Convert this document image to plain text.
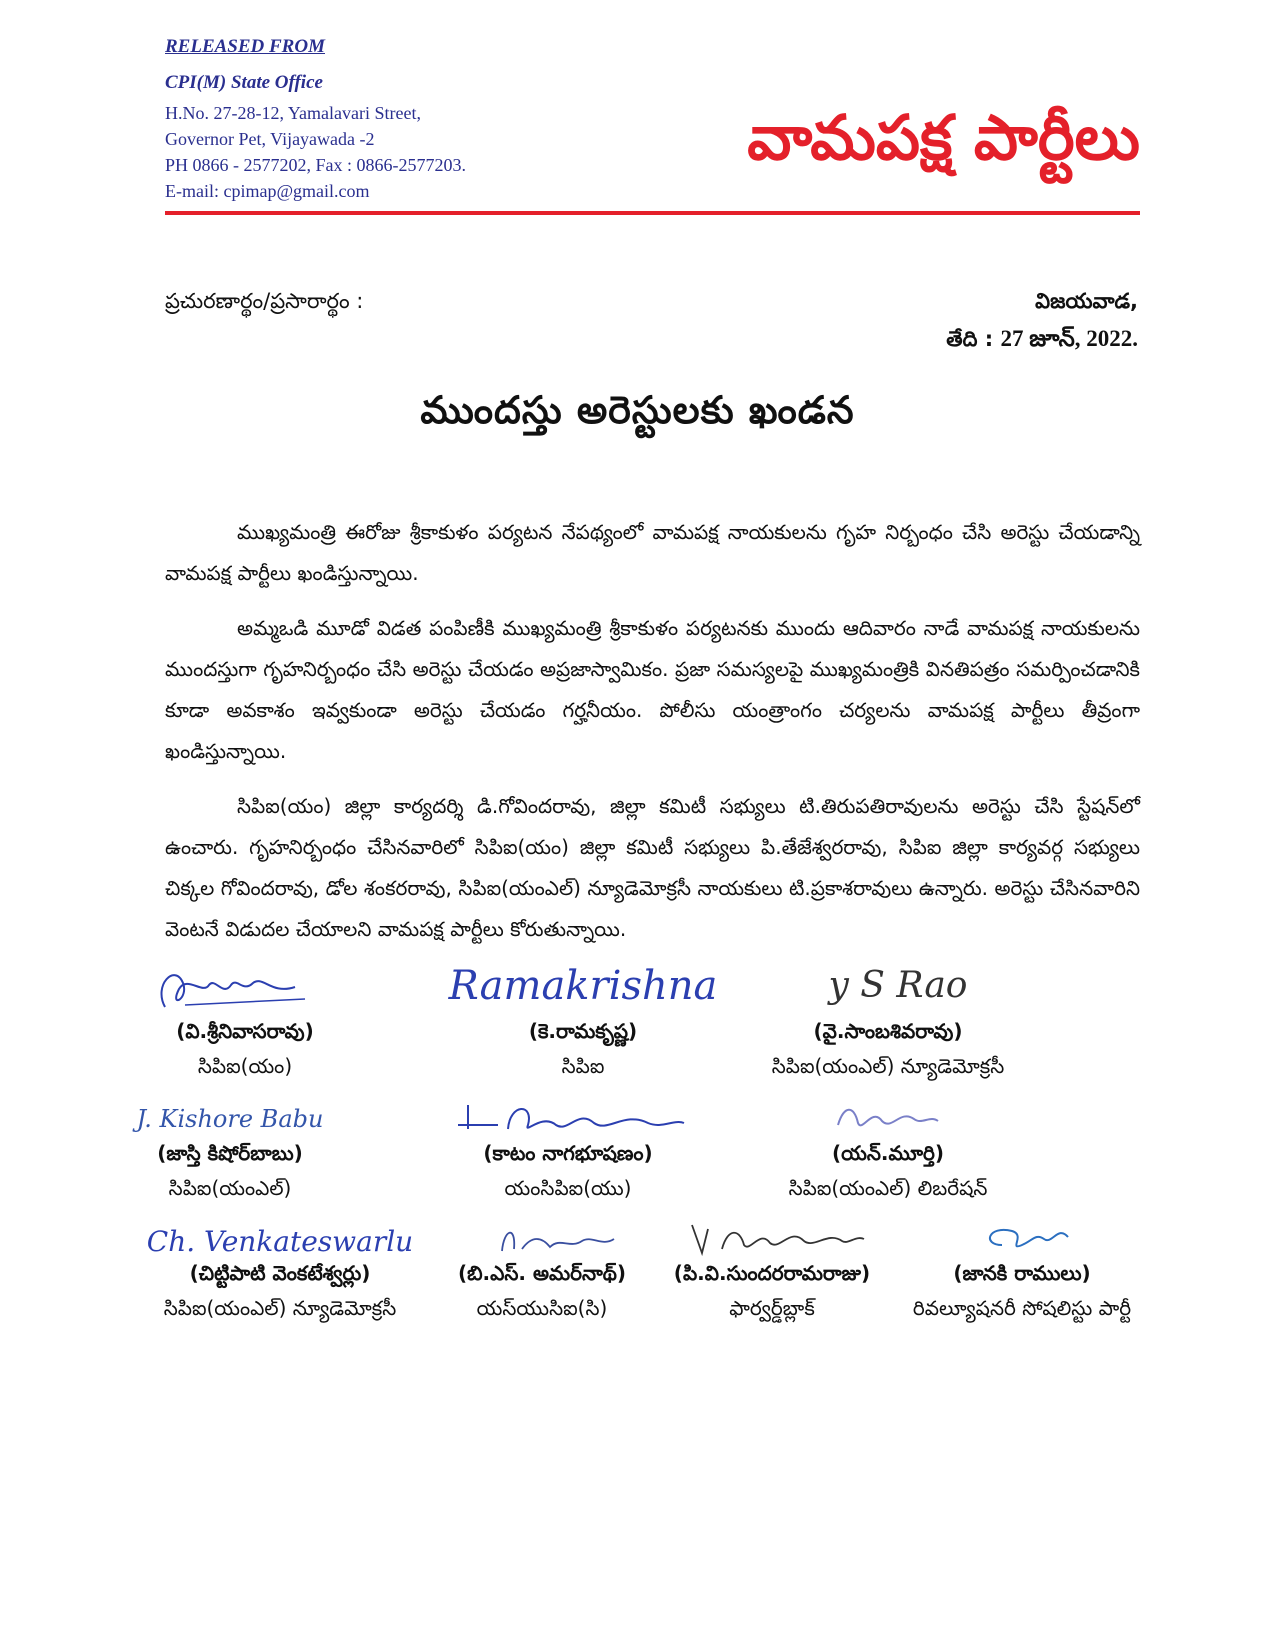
RELEASED FROM
CPI(M) State Office
H.No. 27-28-12, Yamalavari Street,
Governor Pet, Vijayawada -2
PH 0866 - 2577202, Fax : 0866-2577203.
E-mail: cpimap@gmail.com
వామపక్ష పార్టీలు
ప్రచురణార్థం/ప్రసారార్థం :	విజయవాడ,
తేది : 27 జూన్, 2022.
ముందస్తు అరెస్టులకు ఖండన

ముఖ్యమంత్రి ఈరోజు శ్రీకాకుళం పర్యటన నేపథ్యంలో వామపక్ష నాయకులను గృహ నిర్బంధం చేసి అరెస్టు చేయడాన్ని వామపక్ష పార్టీలు ఖండిస్తున్నాయి.

అమ్మఒడి మూడో విడత పంపిణీకి ముఖ్యమంత్రి శ్రీకాకుళం పర్యటనకు ముందు ఆదివారం నాడే వామపక్ష నాయకులను ముందస్తుగా గృహనిర్బంధం చేసి అరెస్టు చేయడం అప్రజాస్వామికం. ప్రజా సమస్యలపై ముఖ్యమంత్రికి వినతిపత్రం సమర్పించడానికి కూడా అవకాశం ఇవ్వకుండా అరెస్టు చేయడం గర్హనీయం. పోలీసు యంత్రాంగం చర్యలను వామపక్ష పార్టీలు తీవ్రంగా ఖండిస్తున్నాయి.

సిపిఐ(యం) జిల్లా కార్యదర్శి డి.గోవిందరావు, జిల్లా కమిటీ సభ్యులు టి.తిరుపతిరావులను అరెస్టు చేసి స్టేషన్‌లో ఉంచారు. గృహనిర్బంధం చేసినవారిలో సిపిఐ(యం) జిల్లా కమిటీ సభ్యులు పి.తేజేశ్వరరావు, సిపిఐ జిల్లా కార్యవర్గ సభ్యులు చిక్కల గోవిందరావు, డోల శంకరరావు, సిపిఐ(యంఎల్) న్యూడెమోక్రసీ నాయకులు టి.ప్రకాశరావులు ఉన్నారు. అరెస్టు చేసినవారిని వెంటనే విడుదల చేయాలని వామపక్ష పార్టీలు కోరుతున్నాయి.

(వి.శ్రీనివాసరావు)
సిపిఐ(యం)
Ramakrishna
(కె.రామకృష్ణ)
సిపిఐ
y S Rao
(వై.సాంబశివరావు)
సిపిఐ(యంఎల్) న్యూడెమోక్రసీ
J. Kishore Babu
(జాస్తి కిషోర్‌బాబు)
సిపిఐ(యంఎల్)
(కాటం నాగభూషణం)
యంసిపిఐ(యు)
(యన్.మూర్తి)
సిపిఐ(యంఎల్) లిబరేషన్
Ch. Venkateswarlu
(చిట్టిపాటి వెంకటేశ్వర్లు)
సిపిఐ(యంఎల్) న్యూడెమోక్రసీ
(బి.ఎస్. అమర్‌నాథ్)
యస్‌యుసిఐ(సి)
(పి.వి.సుందరరామరాజు)
ఫార్వర్డ్‌బ్లాక్
(జానకి రాములు)
రివల్యూషనరీ సోషలిస్టు పార్టీ
